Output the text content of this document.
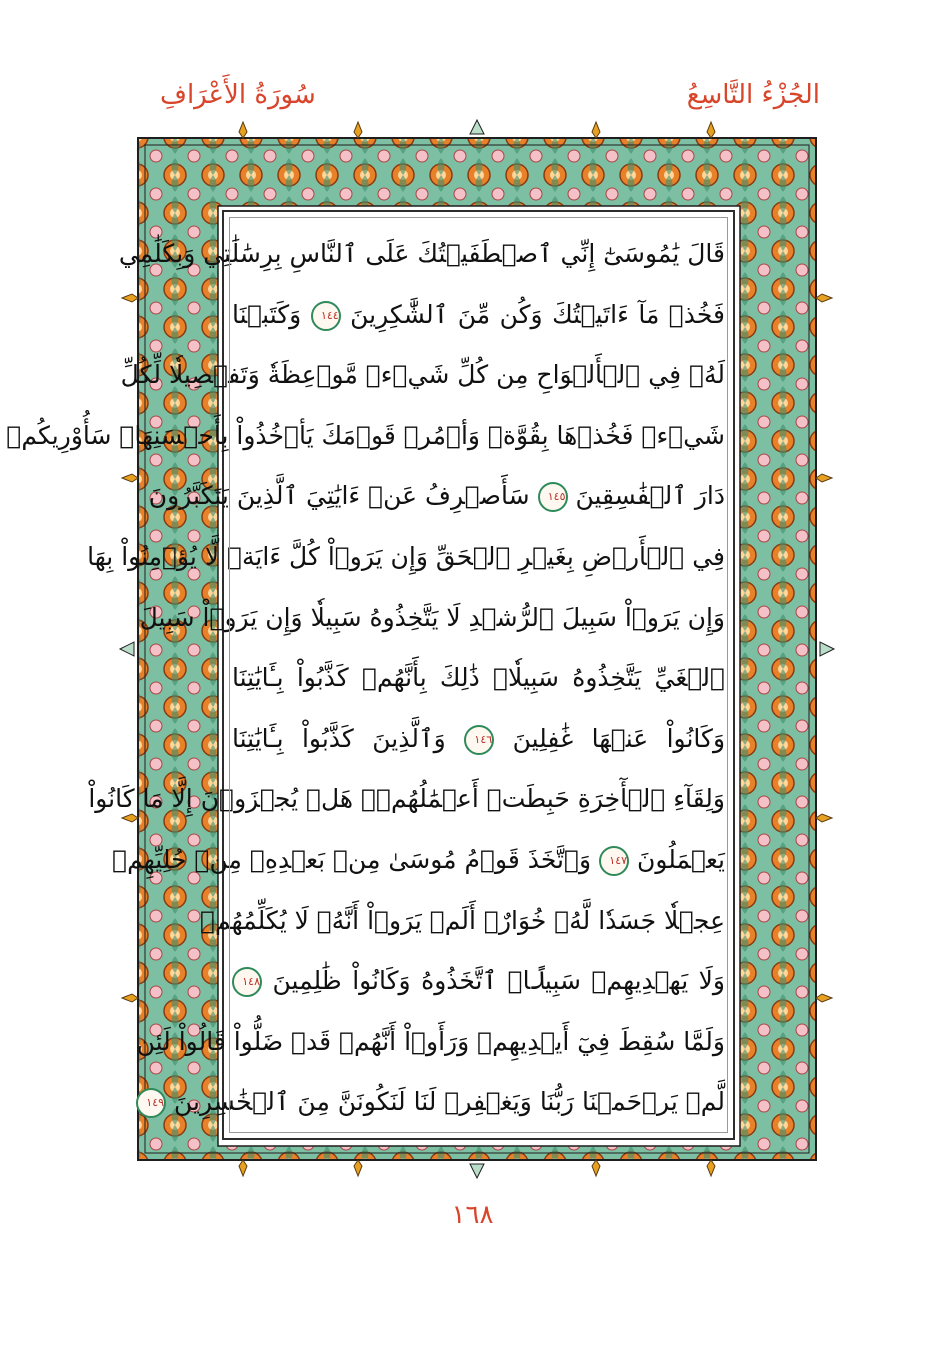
الجُزْءُ التَّاسِعُ
سُورَةُ الأَعْرَافِ
قَالَ يَٰمُوسَىٰٓ إِنِّي ٱصۡطَفَيۡتُكَ عَلَى ٱلنَّاسِ بِرِسَٰلَٰتِي وَبِكَلَٰمِي
فَخُذۡ مَآ ءَاتَيۡتُكَ وَكُن مِّنَ ٱلشَّٰكِرِينَ ١٤٤ وَكَتَبۡنَا
لَهُۥ فِي ٱلۡأَلۡوَاحِ مِن كُلِّ شَيۡءٖ مَّوۡعِظَةٗ وَتَفۡصِيلٗا لِّكُلِّ
شَيۡءٖ فَخُذۡهَا بِقُوَّةٖ وَأۡمُرۡ قَوۡمَكَ يَأۡخُذُواْ بِأَحۡسَنِهَاۚ سَأُوْرِيكُمۡ
دَارَ ٱلۡفَٰسِقِينَ ١٤٥ سَأَصۡرِفُ عَنۡ ءَايَٰتِيَ ٱلَّذِينَ يَتَكَبَّرُونَ
فِي ٱلۡأَرۡضِ بِغَيۡرِ ٱلۡحَقِّ وَإِن يَرَوۡاْ كُلَّ ءَايَةٖ لَّا يُؤۡمِنُواْ بِهَا
وَإِن يَرَوۡاْ سَبِيلَ ٱلرُّشۡدِ لَا يَتَّخِذُوهُ سَبِيلٗا وَإِن يَرَوۡاْ سَبِيلَ
ٱلۡغَيِّ يَتَّخِذُوهُ سَبِيلٗاۚ ذَٰلِكَ بِأَنَّهُمۡ كَذَّبُواْ بِـَٔايَٰتِنَا
وَكَانُواْ عَنۡهَا غَٰفِلِينَ ١٤٦ وَٱلَّذِينَ كَذَّبُواْ بِـَٔايَٰتِنَا
وَلِقَآءِ ٱلۡأٓخِرَةِ حَبِطَتۡ أَعۡمَٰلُهُمۡۚ هَلۡ يُجۡزَوۡنَ إِلَّا مَا كَانُواْ
يَعۡمَلُونَ ١٤٧ وَٱتَّخَذَ قَوۡمُ مُوسَىٰ مِنۢ بَعۡدِهِۦ مِنۡ حُلِيِّهِمۡ
عِجۡلٗا جَسَدٗا لَّهُۥ خُوَارٌۚ أَلَمۡ يَرَوۡاْ أَنَّهُۥ لَا يُكَلِّمُهُمۡ
وَلَا يَهۡدِيهِمۡ سَبِيلًاۘ ٱتَّخَذُوهُ وَكَانُواْ ظَٰلِمِينَ ١٤٨
وَلَمَّا سُقِطَ فِيٓ أَيۡدِيهِمۡ وَرَأَوۡاْ أَنَّهُمۡ قَدۡ ضَلُّواْ قَالُواْ لَئِن
لَّمۡ يَرۡحَمۡنَا رَبُّنَا وَيَغۡفِرۡ لَنَا لَنَكُونَنَّ مِنَ ٱلۡخَٰسِرِينَ ١٤٩
١٦٨
